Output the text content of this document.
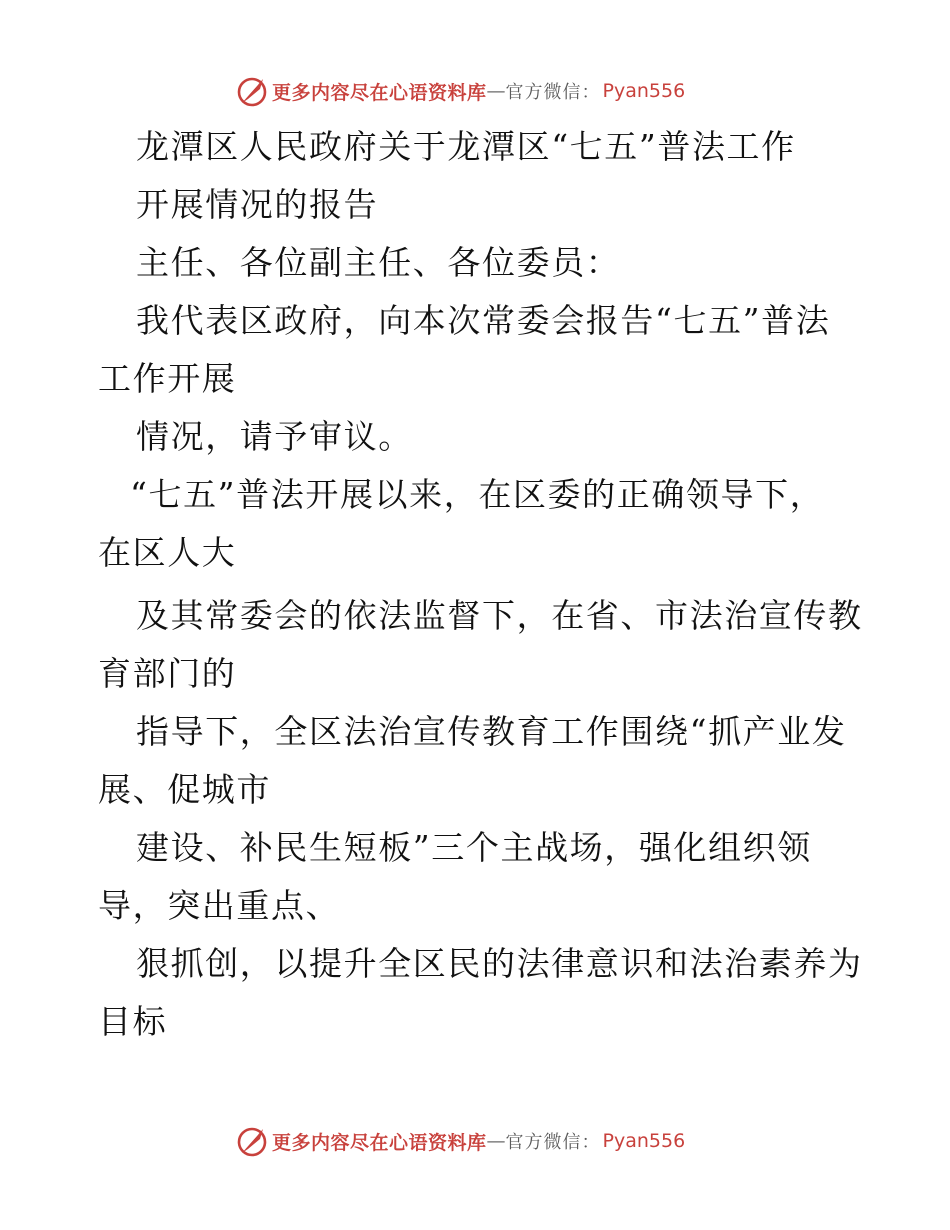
更多内容尽在心语资料库 — 官方微信： Pyan556
龙潭区人民政府关于龙潭区“七五”普法工作
开展情况的报告
主任、各位副主任、各位委员：
我代表区政府，向本次常委会报告“七五”普法
工作开展
情况，请予审议。
“七五”普法开展以来，在区委的正确领导下，
在区人大
及其常委会的依法监督下，在省、市法治宣传教
育部门的
指导下，全区法治宣传教育工作围绕“抓产业发
展、促城市
建设、补民生短板”三个主战场，强化组织领
导，突出重点、
狠抓创，以提升全区民的法律意识和法治素养为
目标
更多内容尽在心语资料库 — 官方微信： Pyan556
